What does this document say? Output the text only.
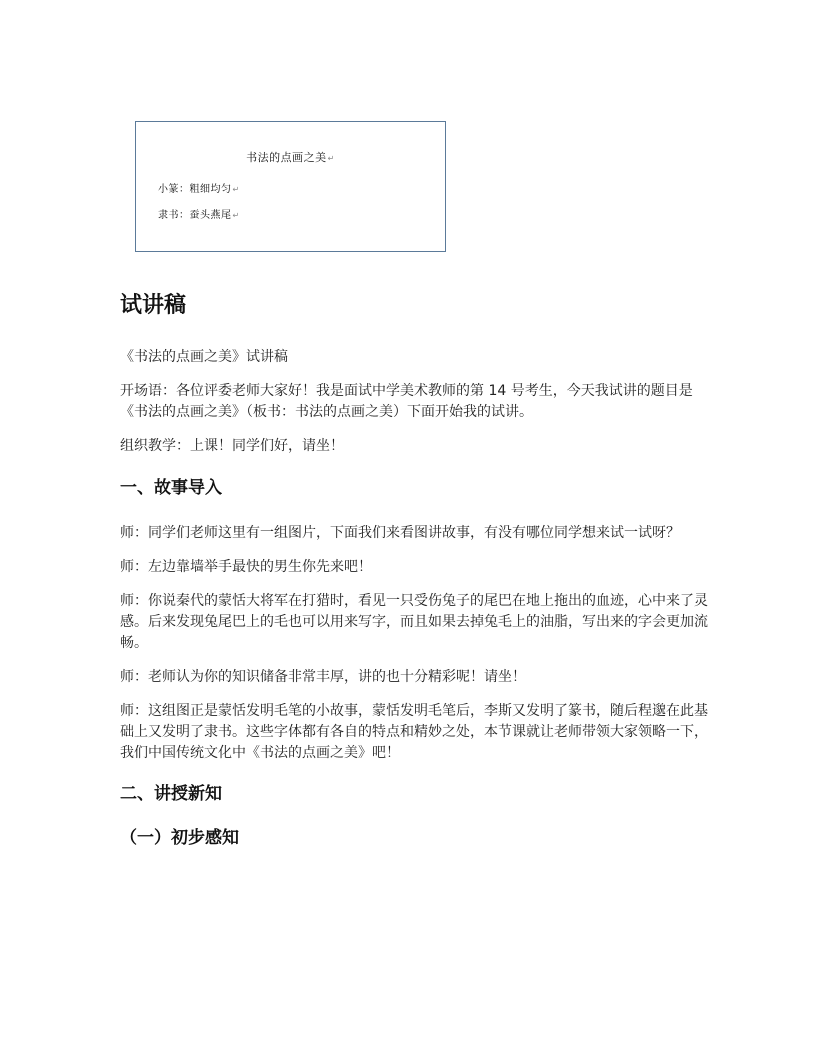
书法的点画之美↵
小篆：粗细均匀↵
隶书：蚕头燕尾↵
试讲稿

《书法的点画之美》试讲稿

开场语：各位评委老师大家好！我是面试中学美术教师的第 14 号考生，今天我试讲的题目是《书法的点画之美》（板书：书法的点画之美）下面开始我的试讲。

组织教学：上课！同学们好，请坐！

一、故事导入

师：同学们老师这里有一组图片，下面我们来看图讲故事，有没有哪位同学想来试一试呀？

师：左边靠墙举手最快的男生你先来吧！

师：你说秦代的蒙恬大将军在打猎时，看见一只受伤兔子的尾巴在地上拖出的血迹，心中来了灵感。后来发现兔尾巴上的毛也可以用来写字，而且如果去掉兔毛上的油脂，写出来的字会更加流畅。

师：老师认为你的知识储备非常丰厚，讲的也十分精彩呢！请坐！

师：这组图正是蒙恬发明毛笔的小故事，蒙恬发明毛笔后，李斯又发明了篆书，随后程邈在此基础上又发明了隶书。这些字体都有各自的特点和精妙之处，本节课就让老师带领大家领略一下，我们中国传统文化中《书法的点画之美》吧！

二、讲授新知
（一）初步感知
